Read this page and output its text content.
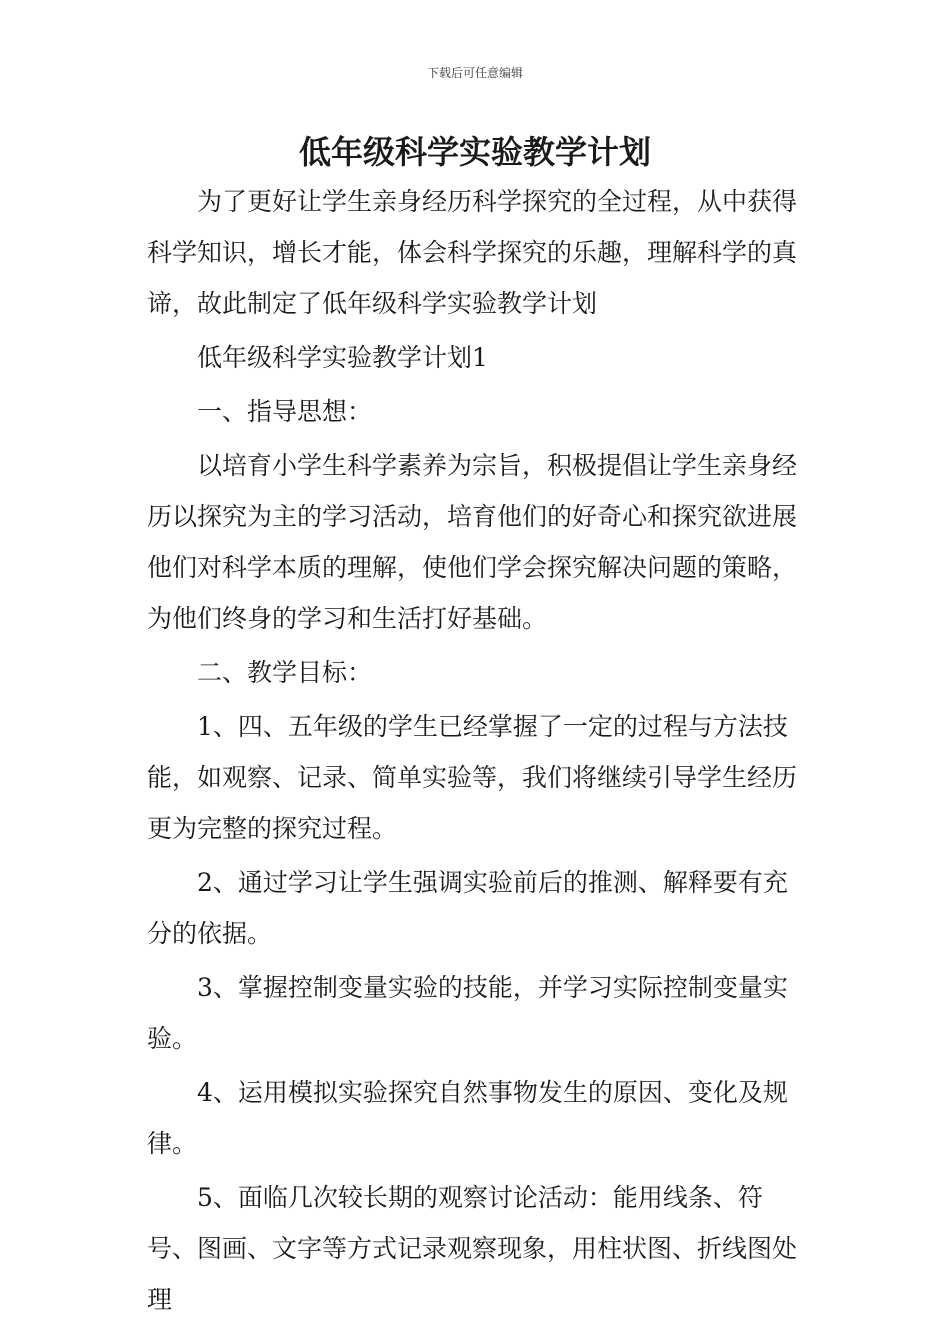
下载后可任意编辑
低年级科学实验教学计划

为了更好让学生亲身经历科学探究的全过程，从中获得科学知识，增长才能，体会科学探究的乐趣，理解科学的真谛，故此制定了低年级科学实验教学计划

低年级科学实验教学计划1

一、指导思想：

以培育小学生科学素养为宗旨，积极提倡让学生亲身经历以探究为主的学习活动，培育他们的好奇心和探究欲进展他们对科学本质的理解，使他们学会探究解决问题的策略，为他们终身的学习和生活打好基础。

二、教学目标：

1、四、五年级的学生已经掌握了一定的过程与方法技能，如观察、记录、简单实验等，我们将继续引导学生经历更为完整的探究过程。

2、通过学习让学生强调实验前后的推测、解释要有充分的依据。

3、掌握控制变量实验的技能，并学习实际控制变量实验。

4、运用模拟实验探究自然事物发生的原因、变化及规律。

5、面临几次较长期的观察讨论活动：能用线条、符号、图画、文字等方式记录观察现象，用柱状图、折线图处理
